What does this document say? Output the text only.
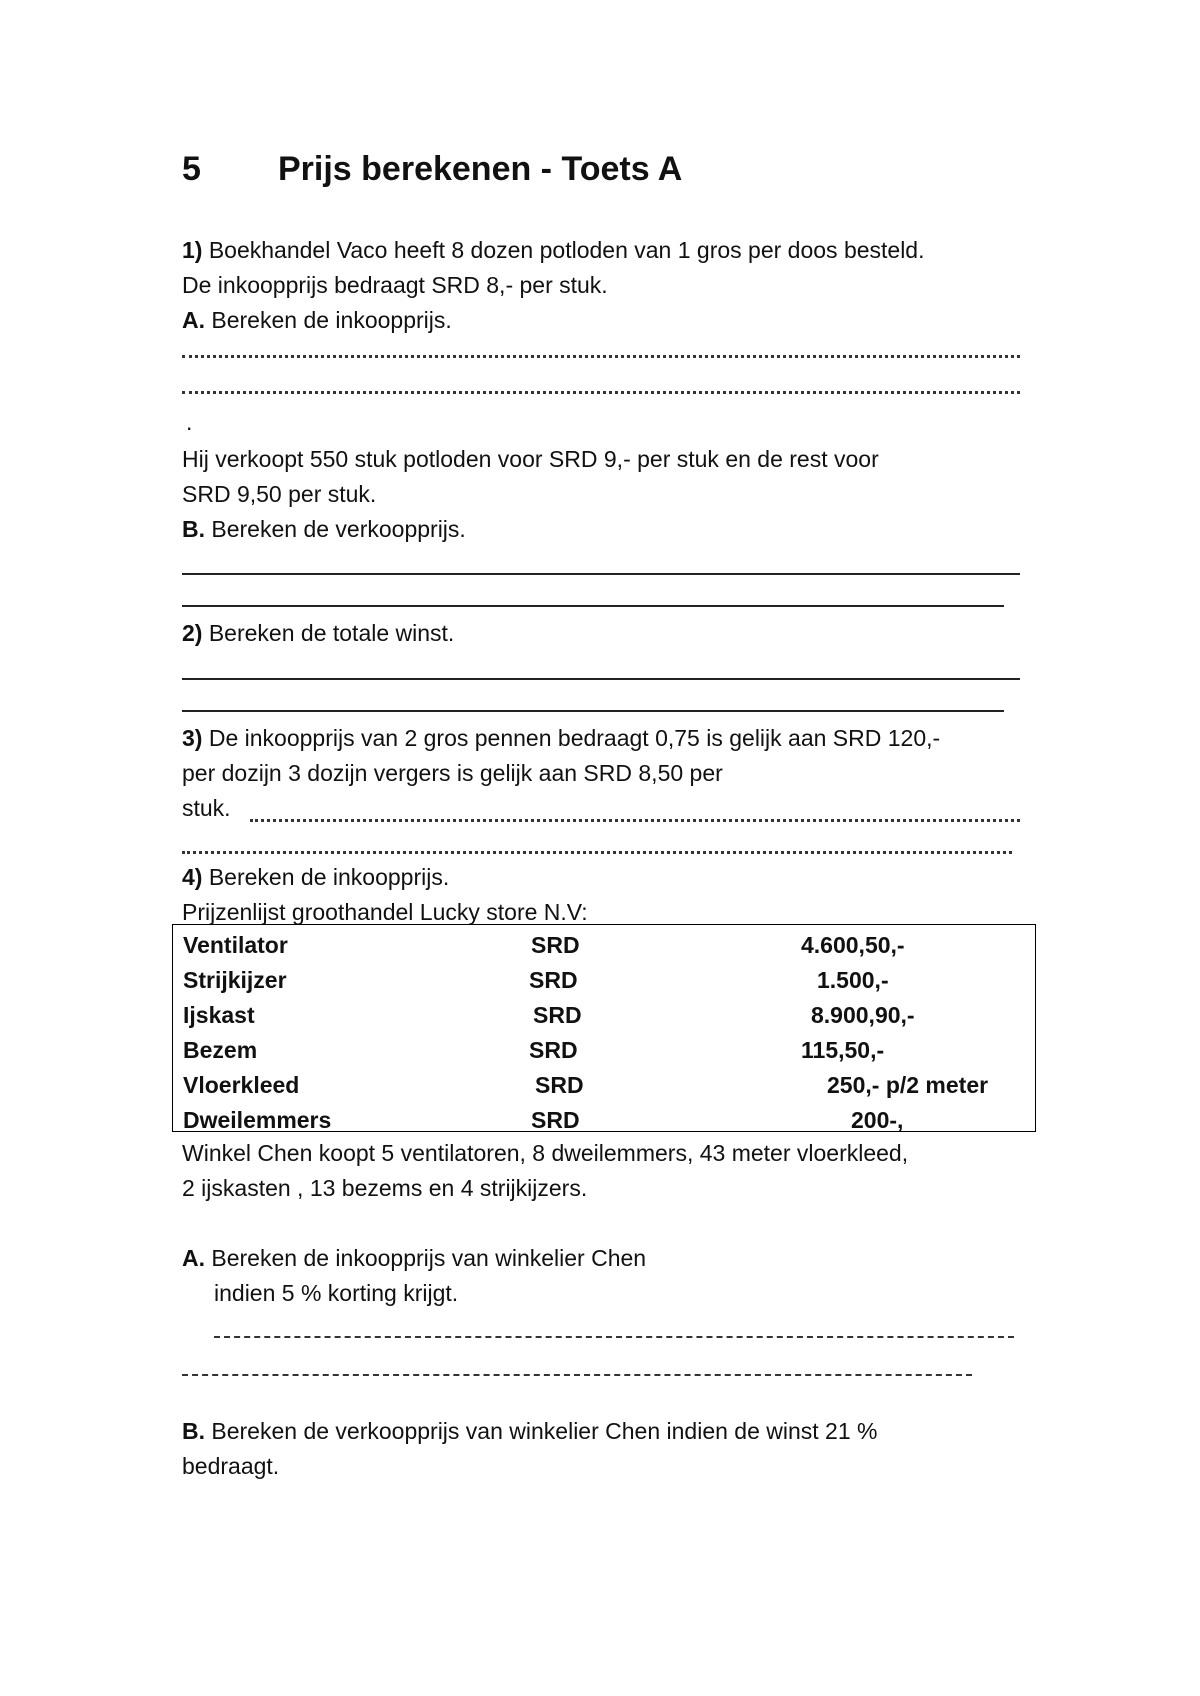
5 Prijs berekenen - Toets A
1) Boekhandel Vaco heeft 8 dozen potloden van 1 gros per doos besteld.
De inkoopprijs bedraagt SRD 8,- per stuk.
A. Bereken de inkoopprijs.
.
Hij verkoopt 550 stuk potloden voor SRD 9,- per stuk en de rest voor
SRD 9,50 per stuk.
B. Bereken de verkoopprijs.
2) Bereken de totale winst.
3) De inkoopprijs van 2 gros pennen bedraagt 0,75 is gelijk aan SRD 120,-
per dozijn 3 dozijn vergers is gelijk aan SRD 8,50 per
stuk.
4) Bereken de inkoopprijs.
Prijzenlijst groothandel Lucky store N.V:
Ventilator	SRD	4.600,50,-
Strijkijzer	SRD	1.500,-
Ijskast	SRD	8.900,90,-
Bezem	SRD	115,50,-
Vloerkleed	SRD	250,- p/2 meter
Dweilemmers	SRD	200-,
Winkel Chen koopt 5 ventilatoren, 8 dweilemmers, 43 meter vloerkleed,
2 ijskasten , 13 bezems en 4 strijkijzers.
A. Bereken de inkoopprijs van winkelier Chen
indien 5 % korting krijgt.
B. Bereken de verkoopprijs van winkelier Chen indien de winst 21 %
bedraagt.
